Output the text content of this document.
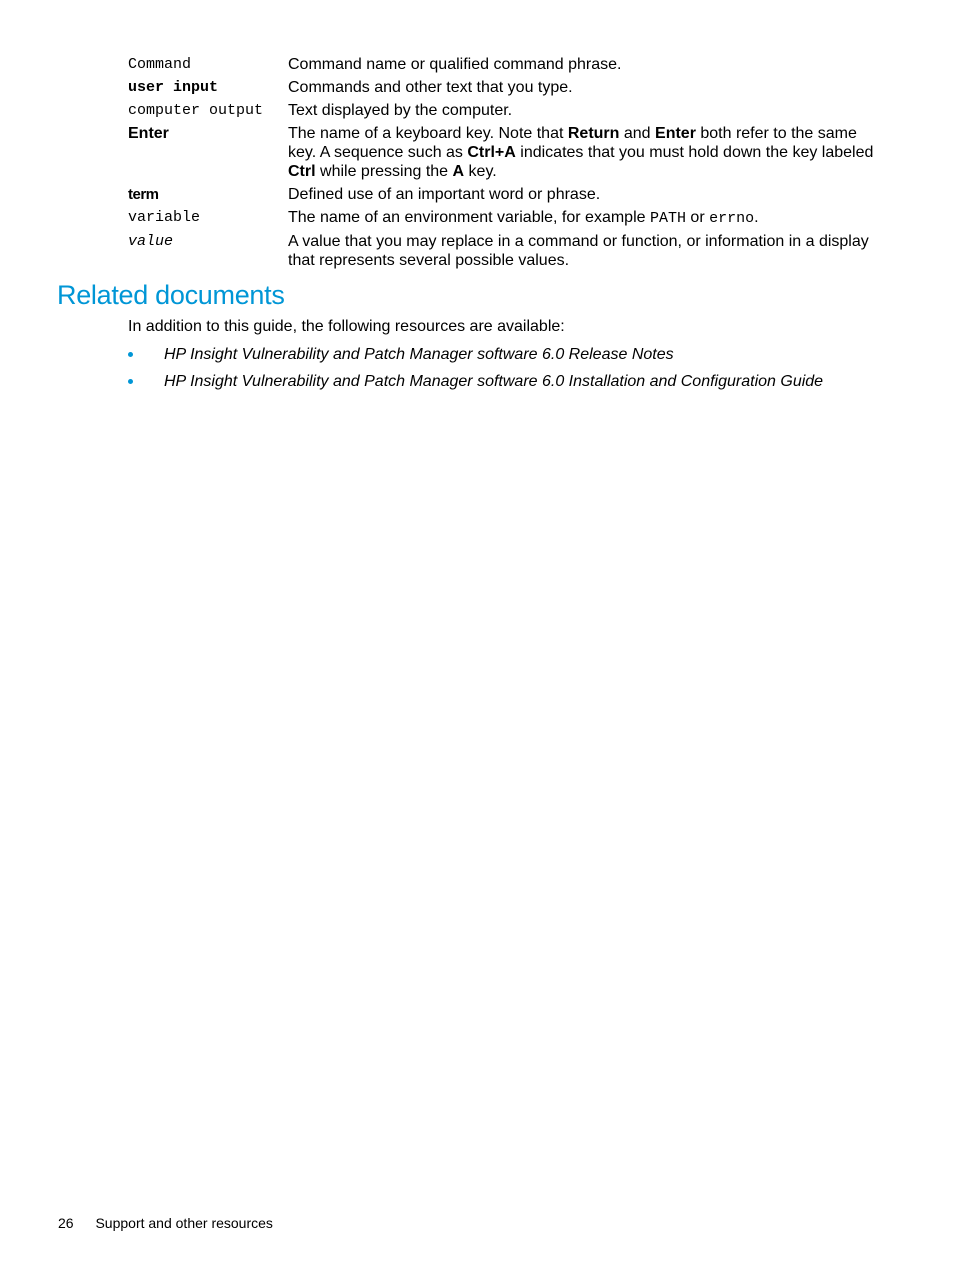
Command	Command name or qualified command phrase.
user input	Commands and other text that you type.
computer output	Text displayed by the computer.
Enter	The name of a keyboard key. Note that Return and Enter both refer to the same key. A sequence such as Ctrl+A indicates that you must hold down the key labeled Ctrl while pressing the A key.
term	Defined use of an important word or phrase.
variable	The name of an environment variable, for example PATH or errno.
value	A value that you may replace in a command or function, or information in a display that represents several possible values.
Related documents

In addition to this guide, the following resources are available:

HP Insight Vulnerability and Patch Manager software 6.0 Release Notes
HP Insight Vulnerability and Patch Manager software 6.0 Installation and Configuration Guide
26 Support and other resources
